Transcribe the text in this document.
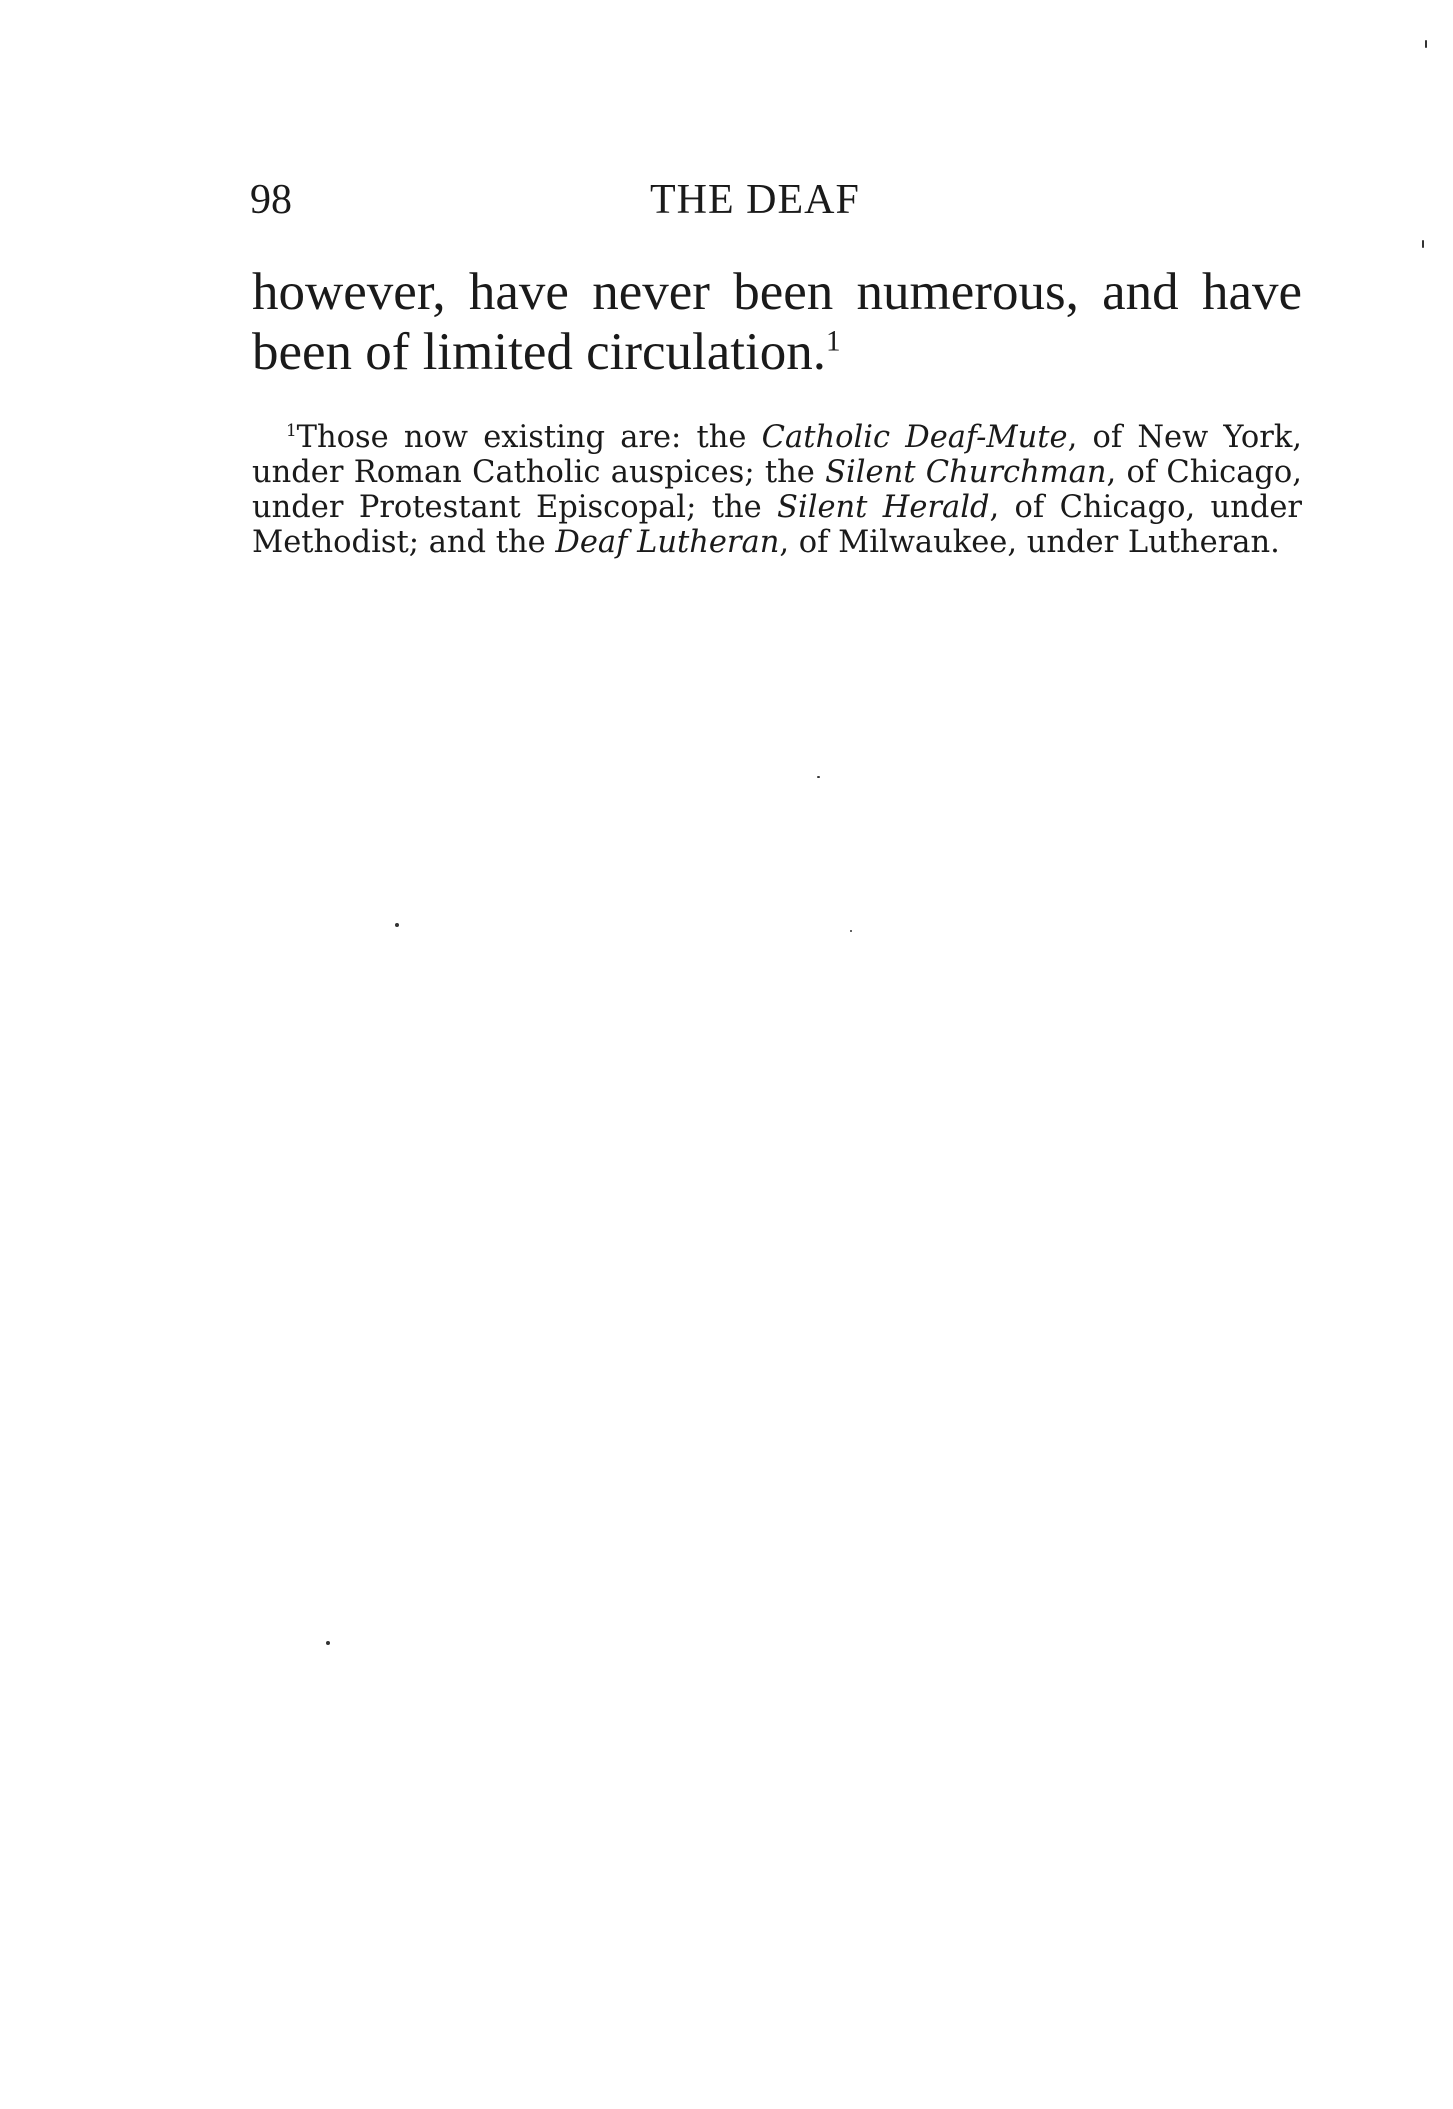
98	THE DEAF

however, have never been numerous, and have been of limited circulation.$^1$

$^1$Those now existing are: the Catholic Deaf-Mute, of New York, under Roman Catholic auspices; the Silent Churchman, of Chicago, under Protestant Episcopal; the Silent Herald, of Chicago, under Methodist; and the Deaf Lutheran, of Milwaukee, under Lutheran.
